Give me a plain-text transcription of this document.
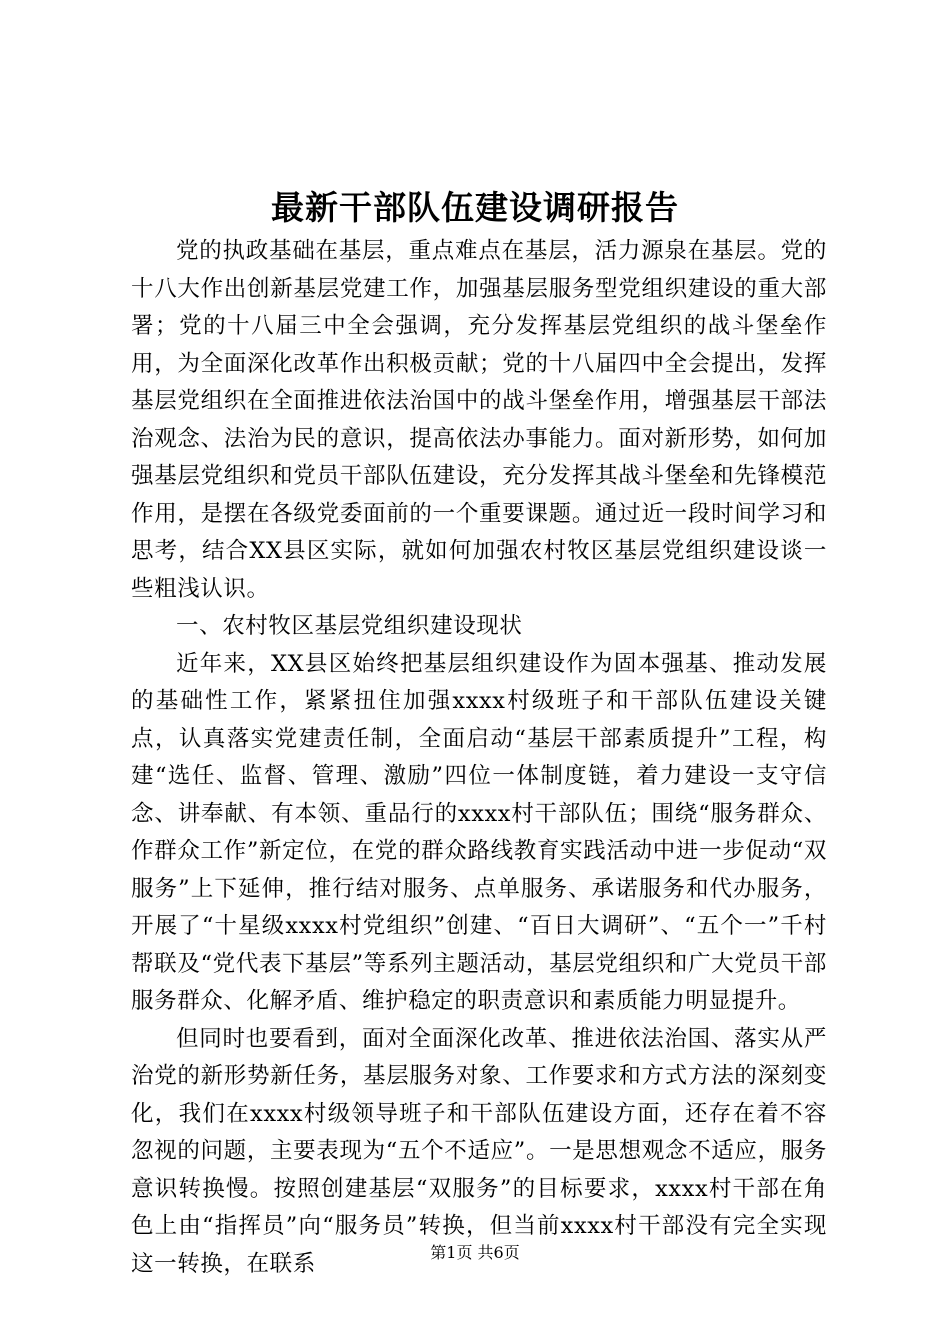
最新干部队伍建设调研报告

党的执政基础在基层，重点难点在基层，活力源泉在基层。党的十八大作出创新基层党建工作，加强基层服务型党组织建设的重大部署；党的十八届三中全会强调，充分发挥基层党组织的战斗堡垒作用，为全面深化改革作出积极贡献；党的十八届四中全会提出，发挥基层党组织在全面推进依法治国中的战斗堡垒作用，增强基层干部法治观念、法治为民的意识，提高依法办事能力。面对新形势，如何加强基层党组织和党员干部队伍建设，充分发挥其战斗堡垒和先锋模范作用，是摆在各级党委面前的一个重要课题。通过近一段时间学习和思考，结合XX县区实际，就如何加强农村牧区基层党组织建设谈一些粗浅认识。

一、农村牧区基层党组织建设现状

近年来，XX县区始终把基层组织建设作为固本强基、推动发展的基础性工作，紧紧扭住加强xxxx村级班子和干部队伍建设关键点，认真落实党建责任制，全面启动“基层干部素质提升”工程，构建“选任、监督、管理、激励”四位一体制度链，着力建设一支守信念、讲奉献、有本领、重品行的xxxx村干部队伍；围绕“服务群众、作群众工作”新定位，在党的群众路线教育实践活动中进一步促动“双服务”上下延伸，推行结对服务、点单服务、承诺服务和代办服务，开展了“十星级xxxx村党组织”创建、“百日大调研”、“五个一”千村帮联及“党代表下基层”等系列主题活动，基层党组织和广大党员干部服务群众、化解矛盾、维护稳定的职责意识和素质能力明显提升。

但同时也要看到，面对全面深化改革、推进依法治国、落实从严治党的新形势新任务，基层服务对象、工作要求和方式方法的深刻变化，我们在xxxx村级领导班子和干部队伍建设方面，还存在着不容忽视的问题，主要表现为“五个不适应”。一是思想观念不适应，服务意识转换慢。按照创建基层“双服务”的目标要求，xxxx村干部在角色上由“指挥员”向“服务员”转换，但当前xxxx村干部没有完全实现这一转换，在联系	第1页 共6页
